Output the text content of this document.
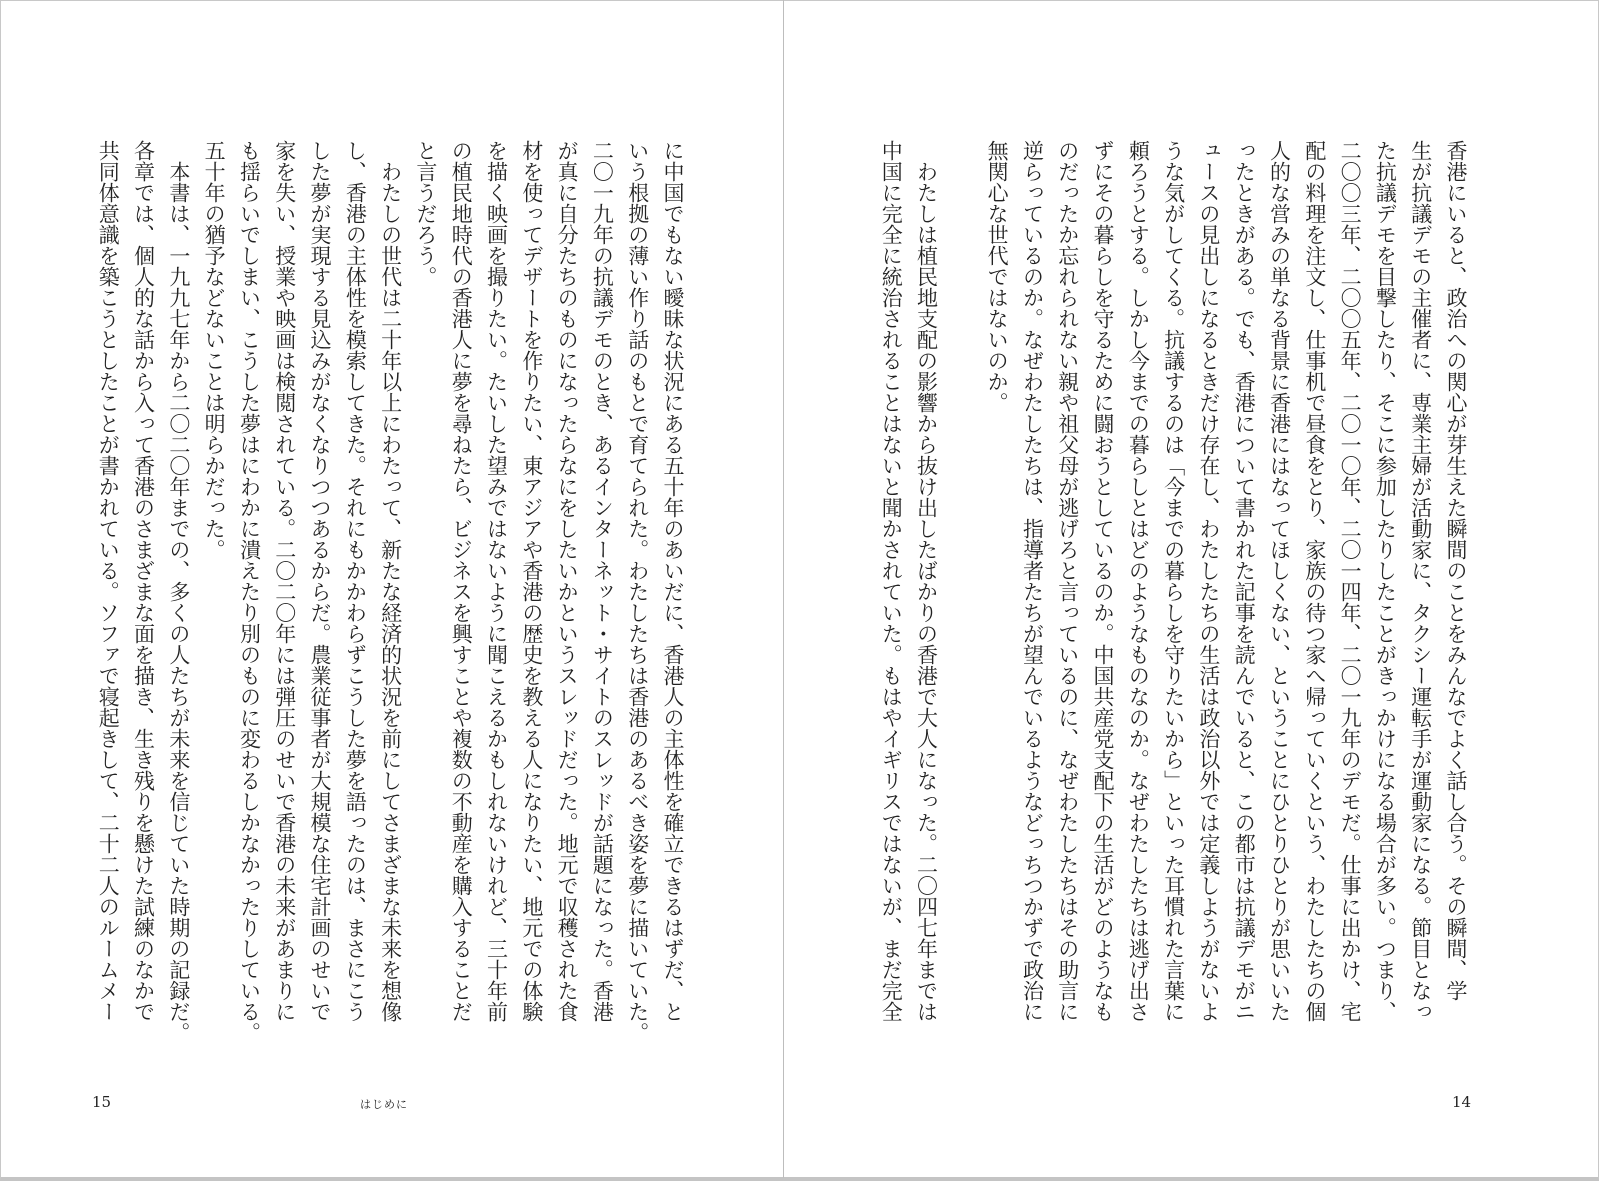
に中国でもない曖昧な状況にある五十年のあいだに、香港人の主体性を確立できるはずだ、と
いう根拠の薄い作り話のもとで育てられた。わたしたちは香港のあるべき姿を夢に描いていた。
二〇一九年の抗議デモのとき、あるインターネット・サイトのスレッドが話題になった。香港
が真に自分たちのものになったらなにをしたいかというスレッドだった。地元で収穫された食
材を使ってデザートを作りたい、東アジアや香港の歴史を教える人になりたい、地元での体験
を描く映画を撮りたい。たいした望みではないように聞こえるかもしれないけれど、三十年前
の植民地時代の香港人に夢を尋ねたら、ビジネスを興すことや複数の不動産を購入することだ
と言うだろう。
　わたしの世代は二十年以上にわたって、新たな経済的状況を前にしてさまざまな未来を想像
し、香港の主体性を模索してきた。それにもかかわらずこうした夢を語ったのは、まさにこう
した夢が実現する見込みがなくなりつつあるからだ。農業従事者が大規模な住宅計画のせいで
家を失い、授業や映画は検閲されている。二〇二〇年には弾圧のせいで香港の未来があまりに
も揺らいでしまい、こうした夢はにわかに潰えたり別のものに変わるしかなかったりしている。
五十年の猶予などないことは明らかだった。
　本書は、一九九七年から二〇二〇年までの、多くの人たちが未来を信じていた時期の記録だ。
各章では、個人的な話から入って香港のさまざまな面を描き、生き残りを懸けた試練のなかで
共同体意識を築こうとしたことが書かれている。ソファで寝起きして、二十二人のルームメー	香港にいると、政治への関心が芽生えた瞬間のことをみんなでよく話し合う。その瞬間、学
生が抗議デモの主催者に、専業主婦が活動家に、タクシー運転手が運動家になる。節目となっ
た抗議デモを目撃したり、そこに参加したりしたことがきっかけになる場合が多い。つまり、
二〇〇三年、二〇〇五年、二〇一〇年、二〇一四年、二〇一九年のデモだ。仕事に出かけ、宅
配の料理を注文し、仕事机で昼食をとり、家族の待つ家へ帰っていくという、わたしたちの個
人的な営みの単なる背景に香港にはなってほしくない、ということにひとりひとりが思いいた
ったときがある。でも、香港について書かれた記事を読んでいると、この都市は抗議デモがニ
ュースの見出しになるときだけ存在し、わたしたちの生活は政治以外では定義しようがないよ
うな気がしてくる。抗議するのは「今までの暮らしを守りたいから」といった耳慣れた言葉に
頼ろうとする。しかし今までの暮らしとはどのようなものなのか。なぜわたしたちは逃げ出さ
ずにその暮らしを守るために闘おうとしているのか。中国共産党支配下の生活がどのようなも
のだったか忘れられない親や祖父母が逃げろと言っているのに、なぜわたしたちはその助言に
逆らっているのか。なぜわたしたちは、指導者たちが望んでいるようなどっちつかずで政治に
無関心な世代ではないのか。
　わたしは植民地支配の影響から抜け出したばかりの香港で大人になった。二〇四七年までは
中国に完全に統治されることはないと聞かされていた。もはやイギリスではないが、まだ完全
15	はじめに	14
